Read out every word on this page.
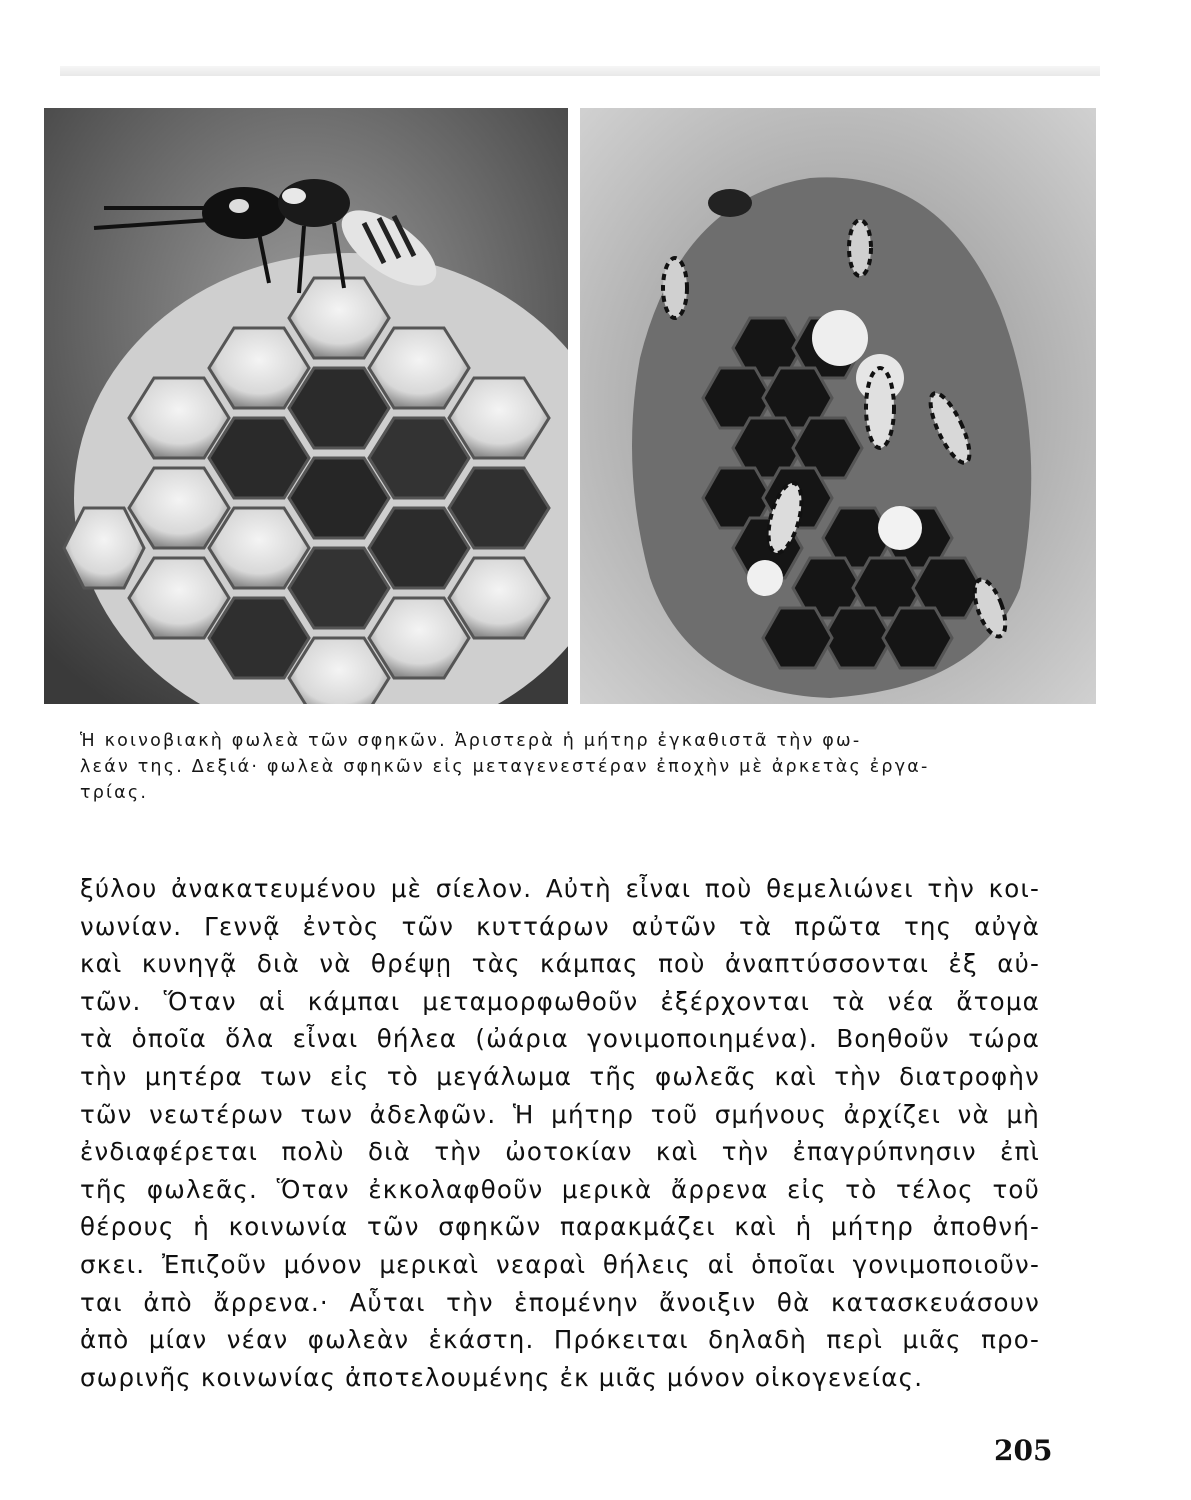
Ἡ κοινοβιακὴ φωλεὰ τῶν σφηκῶν. Ἀριστερὰ ἡ μήτηρ ἐγκαθιστᾶ τὴν φω-

λεάν της. Δεξιά· φωλεὰ σφηκῶν εἰς μεταγενεστέραν ἐποχὴν μὲ ἀρκετὰς ἐργα-

τρίας.

ξύλου ἀνακατευμένου μὲ σίελον. Αὐτὴ εἶναι ποὺ θεμελιώνει τὴν κοι-
νωνίαν. Γεννᾷ ἐντὸς τῶν κυττάρων αὐτῶν τὰ πρῶτα της αὐγὰ
καὶ κυνηγᾷ διὰ νὰ θρέψῃ τὰς κάμπας ποὺ ἀναπτύσσονται ἐξ αὐ-
τῶν. Ὅταν αἱ κάμπαι μεταμορφωθοῦν ἐξέρχονται τὰ νέα ἄτομα
τὰ ὁποῖα ὅλα εἶναι θήλεα (ὠάρια γονιμοποιημένα). Βοηθοῦν τώρα
τὴν μητέρα των εἰς τὸ μεγάλωμα τῆς φωλεᾶς καὶ τὴν διατροφὴν
τῶν νεωτέρων των ἀδελφῶν. Ἡ μήτηρ τοῦ σμήνους ἀρχίζει νὰ μὴ
ἐνδιαφέρεται πολὺ διὰ τὴν ὠοτοκίαν καὶ τὴν ἐπαγρύπνησιν ἐπὶ
τῆς φωλεᾶς. Ὅταν ἐκκολαφθοῦν μερικὰ ἄρρενα εἰς τὸ τέλος τοῦ
θέρους ἡ κοινωνία τῶν σφηκῶν παρακμάζει καὶ ἡ μήτηρ ἀποθνή-
σκει. Ἐπιζοῦν μόνον μερικαὶ νεαραὶ θήλεις αἱ ὁποῖαι γονιμοποιοῦν-
ται ἀπὸ ἄρρενα.· Αὗται τὴν ἑπομένην ἄνοιξιν θὰ κατασκευάσουν
ἀπὸ μίαν νέαν φωλεὰν ἑκάστη. Πρόκειται δηλαδὴ περὶ μιᾶς προ-
σωρινῆς κοινωνίας ἀποτελουμένης ἐκ μιᾶς μόνον οἰκογενείας.
205
